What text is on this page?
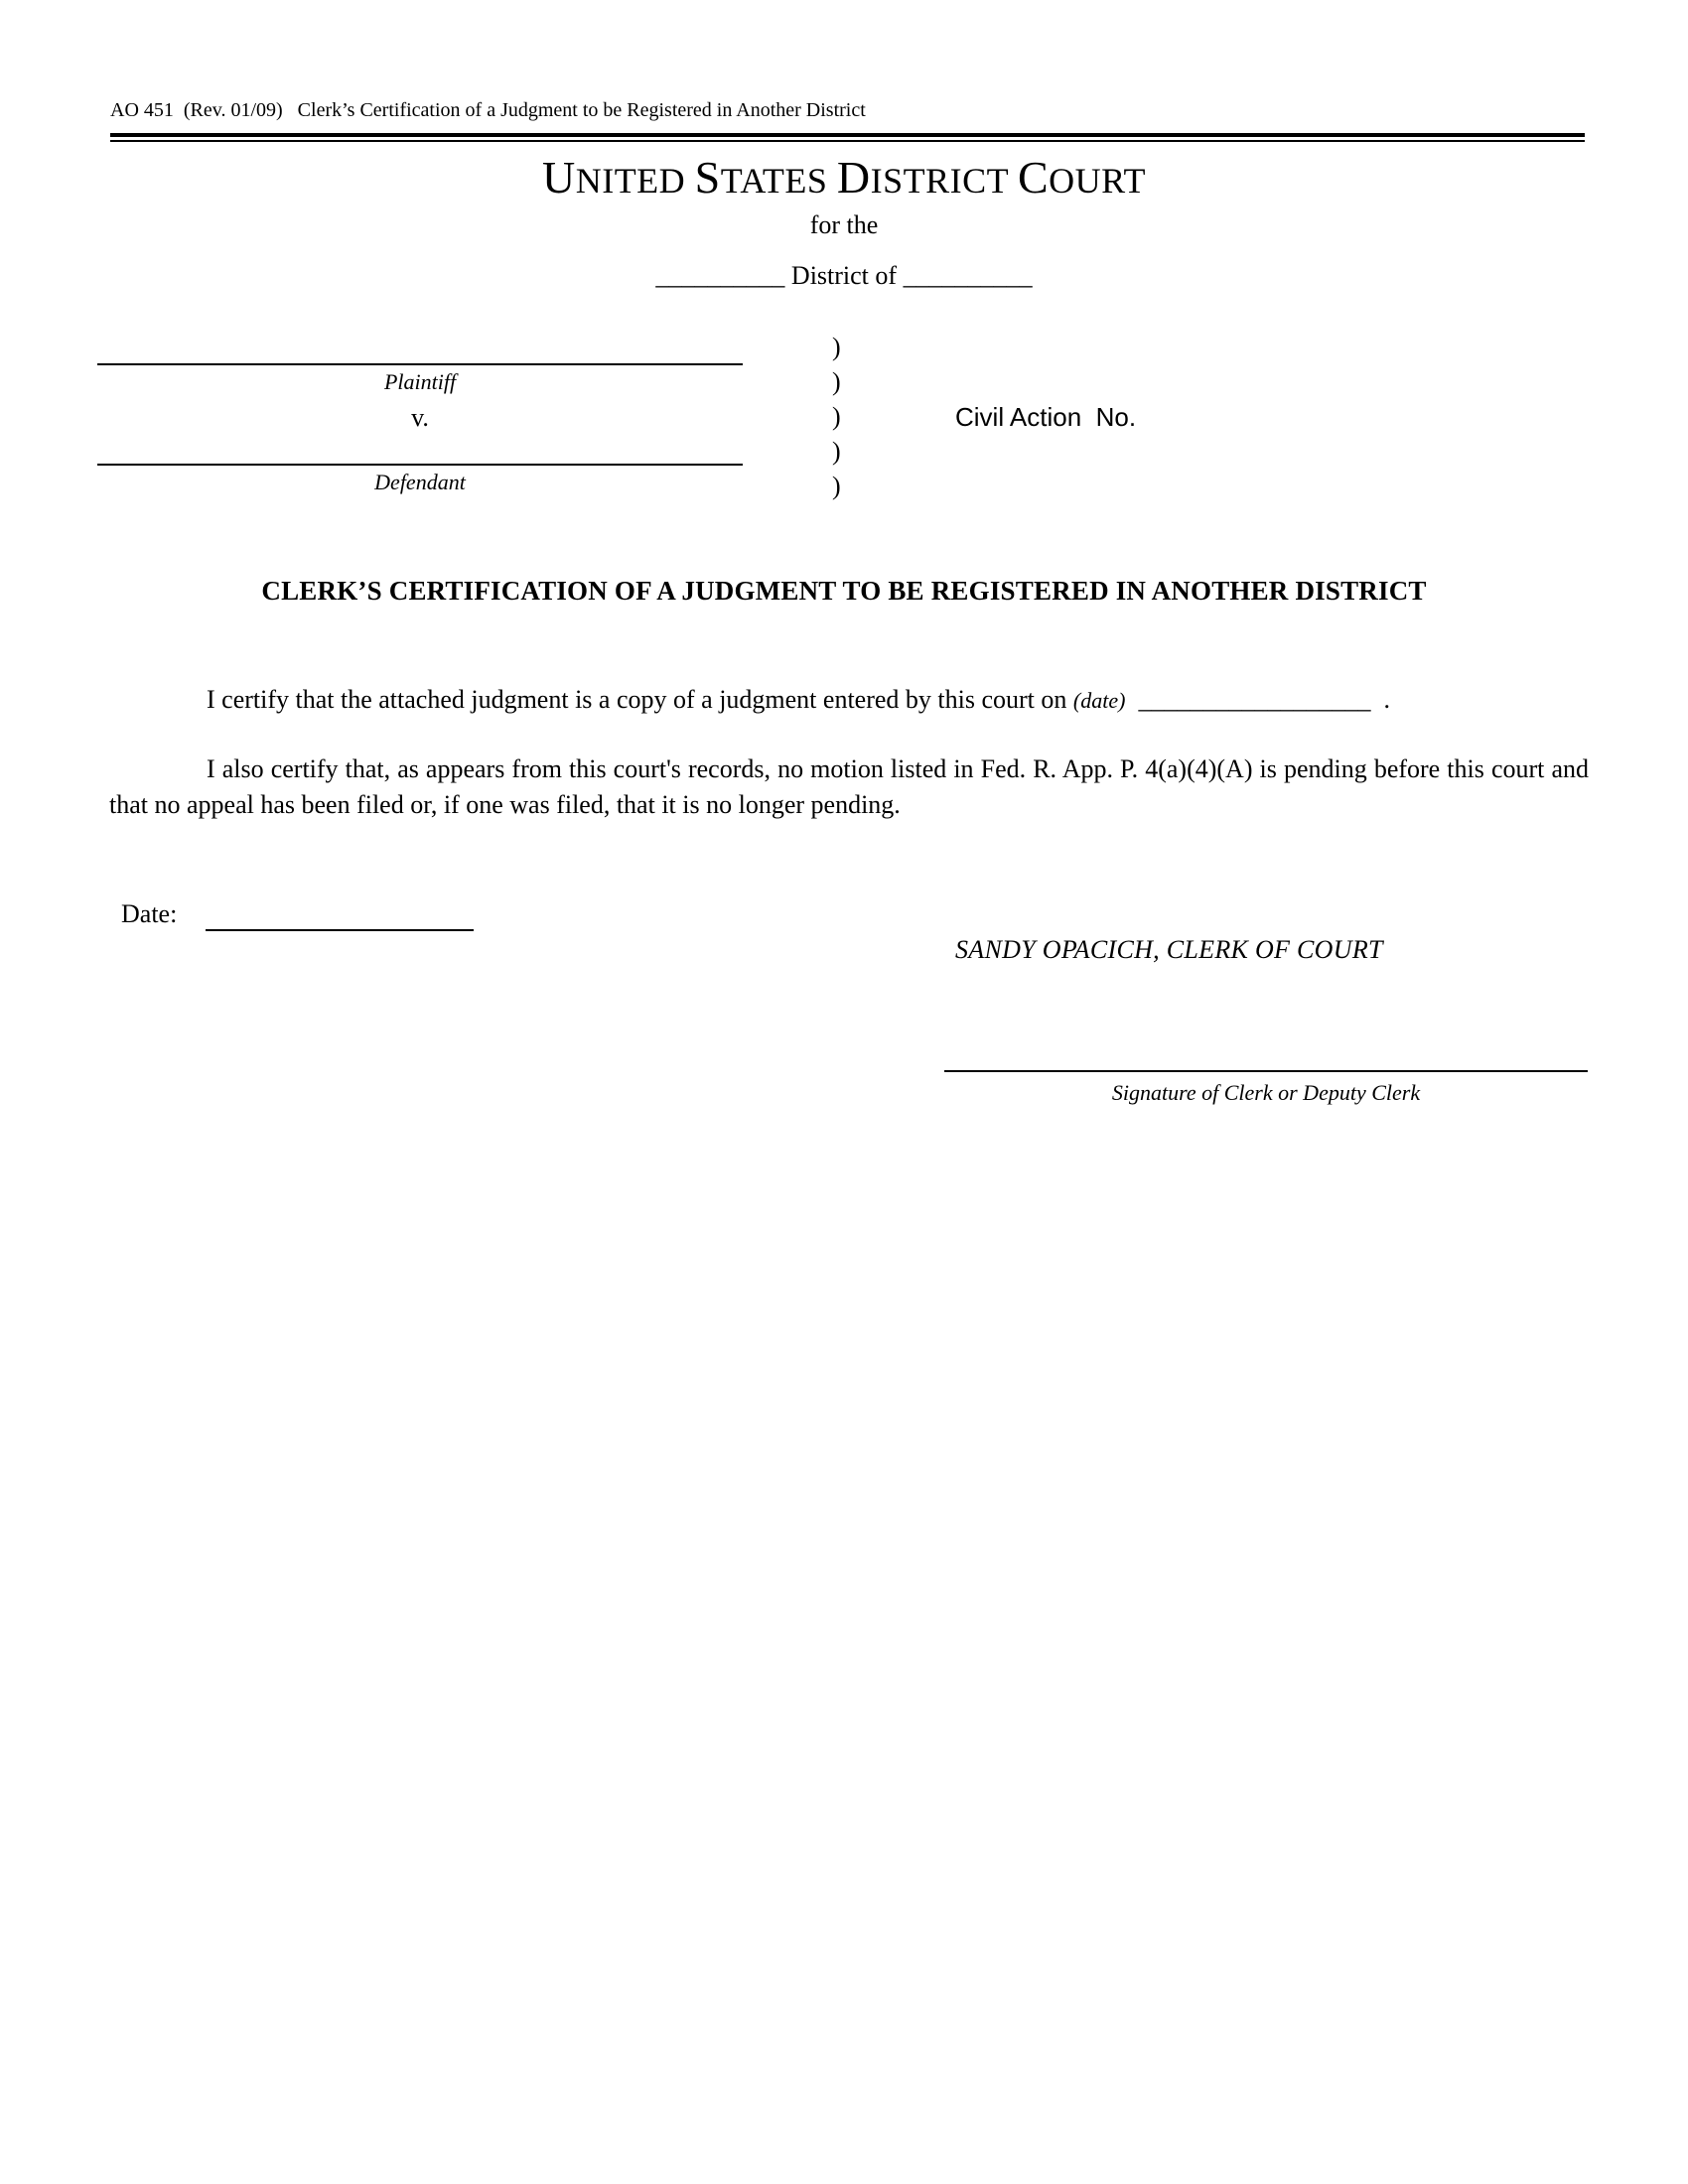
AO 451  (Rev. 01/09)   Clerk’s Certification of a Judgment to be Registered in Another District
UNITED STATES DISTRICT COURT
for the
__________ District of __________
Plaintiff
v.
Defendant
)
)
)
)
)
Civil Action  No.
CLERK’S CERTIFICATION OF A JUDGMENT TO BE REGISTERED IN ANOTHER DISTRICT
I certify that the attached judgment is a copy of a judgment entered by this court on (date)  __________________  .
I also certify that, as appears from this court's records, no motion listed in Fed. R. App. P. 4(a)(4)(A) is pending before this court and that no appeal has been filed or, if one was filed, that it is no longer pending.
Date:
SANDY OPACICH, CLERK OF COURT
Signature of Clerk or Deputy Clerk
